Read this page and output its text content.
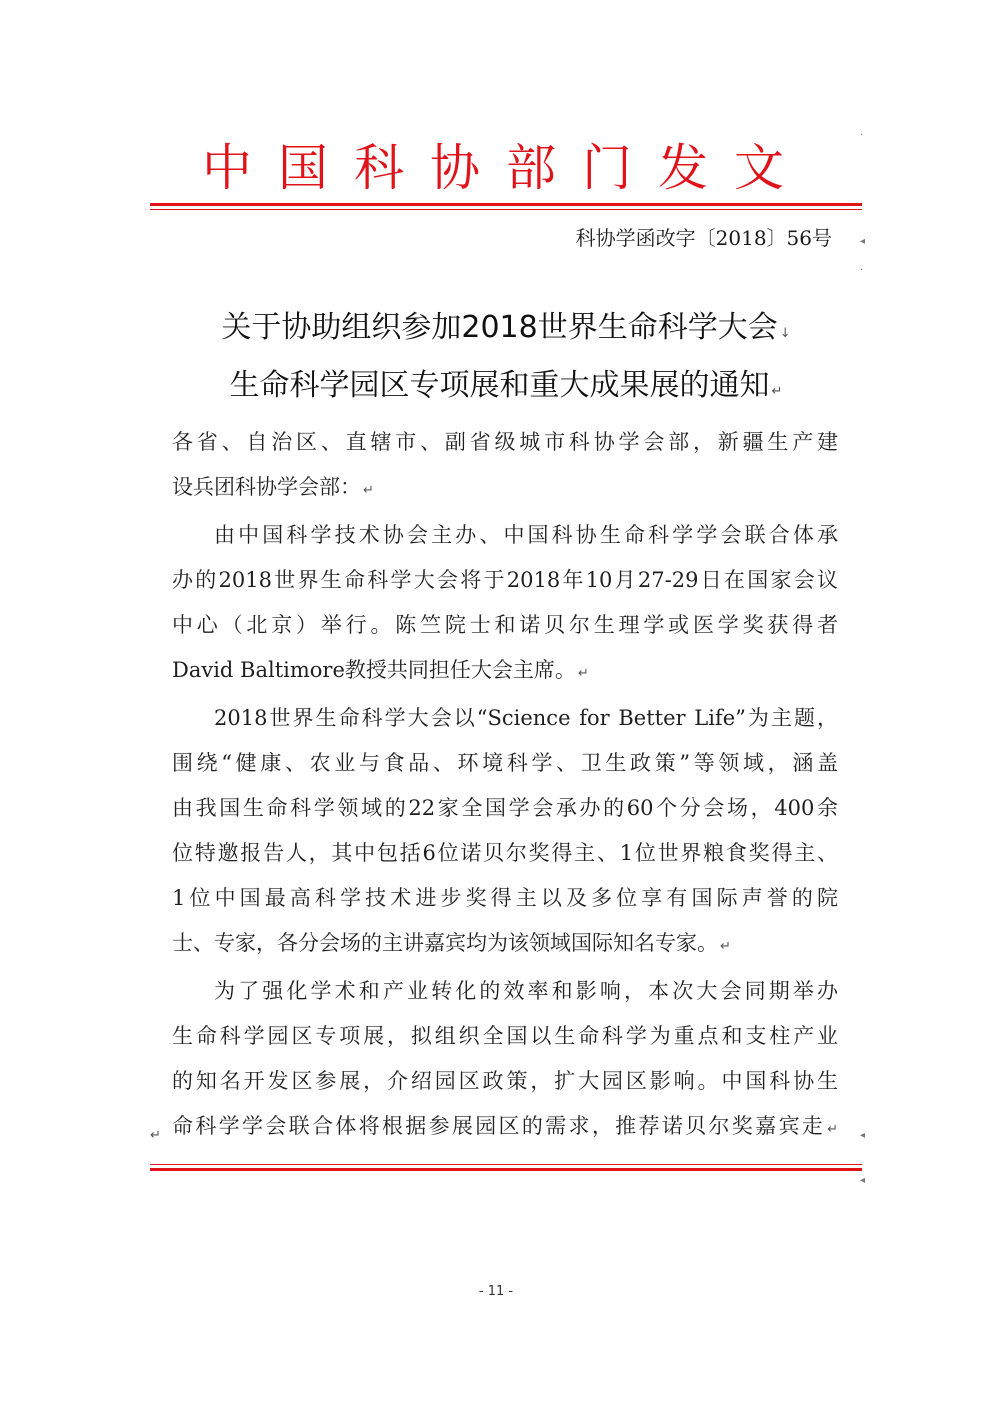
中国科协部门发文
科协学函改字〔2018〕56号
关于协助组织参加2018世界生命科学大会 ↓
生命科学园区专项展和重大成果展的通知 ↵
各省、自治区、直辖市、副省级城市科协学会部，新疆生产建
设兵团科协学会部： ↵
由中国科学技术协会主办、中国科协生命科学学会联合体承
办的2018世界生命科学大会将于2018年10月27-29日在国家会议
中心（北京）举行。陈竺院士和诺贝尔生理学或医学奖获得者
David Baltimore教授共同担任大会主席。 ↵
2018世界生命科学大会以“Science for Better Life”为主题，
围绕“健康、农业与食品、环境科学、卫生政策”等领域，涵盖
由我国生命科学领域的22家全国学会承办的60个分会场，400余
位特邀报告人，其中包括6位诺贝尔奖得主、1位世界粮食奖得主、
1位中国最高科学技术进步奖得主以及多位享有国际声誉的院
士、专家，各分会场的主讲嘉宾均为该领域国际知名专家。 ↵
为了强化学术和产业转化的效率和影响，本次大会同期举办
生命科学园区专项展，拟组织全国以生命科学为重点和支柱产业
的知名开发区参展，介绍园区政策，扩大园区影响。中国科协生
命科学学会联合体将根据参展园区的需求，推荐诺贝尔奖嘉宾走 ↵
↵
- 11 -
·
◂
·
◂
◂
